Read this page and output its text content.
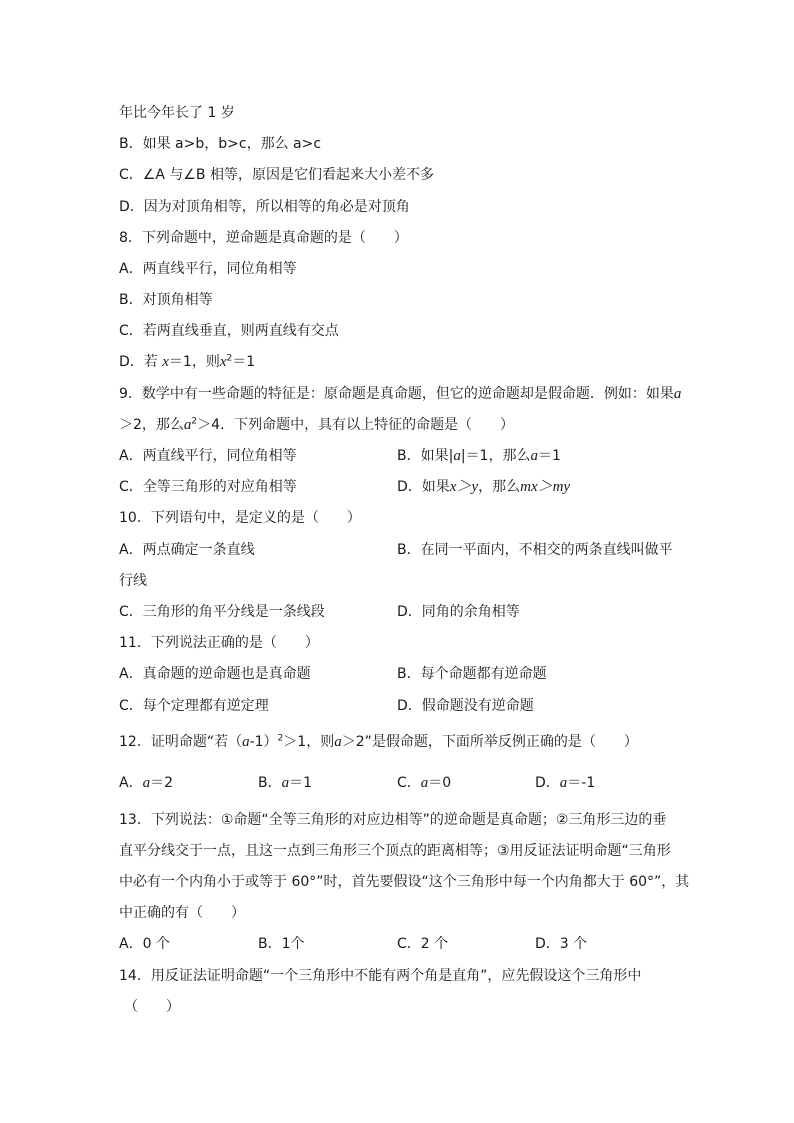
年比今年长了 1 岁
B．如果 a>b，b>c，那么 a>c
C．∠A 与∠B 相等，原因是它们看起来大小差不多
D．因为对顶角相等，所以相等的角必是对顶角
8．下列命题中，逆命题是真命题的是（　　）
A．两直线平行，同位角相等
B．对顶角相等
C．若两直线垂直，则两直线有交点
D．若 x＝1，则$x^2=1$
9．数学中有一些命题的特征是：原命题是真命题，但它的逆命题却是假命题．例如：如果a
＞2，那么$a^2>4$．下列命题中，具有以上特征的命题是（　　）
A．两直线平行，同位角相等	B．如果|a|＝1，那么a＝1
C．全等三角形的对应角相等	D．如果x＞y，那么mx＞my
10．下列语句中，是定义的是（　　）
A．两点确定一条直线	B．在同一平面内，不相交的两条直线叫做平
行线
C．三角形的角平分线是一条线段	D．同角的余角相等
11．下列说法正确的是（　　）
A．真命题的逆命题也是真命题	B．每个命题都有逆命题
C．每个定理都有逆定理	D．假命题没有逆命题
12．证明命题“若$(a-1)^2>1$，则a＞2”是假命题，下面所举反例正确的是（　　）
A．a＝2	B．a＝1	C．a＝0	D．a＝-1
13．下列说法：①命题“全等三角形的对应边相等”的逆命题是真命题；②三角形三边的垂
直平分线交于一点，且这一点到三角形三个顶点的距离相等；③用反证法证明命题“三角形
中必有一个内角小于或等于 60°”时，首先要假设“这个三角形中每一个内角都大于 60°”，其
中正确的有（　　）
A．0 个	B．1个	C．2 个	D．3 个
14．用反证法证明命题“一个三角形中不能有两个角是直角”，应先假设这个三角形中
（　　）
